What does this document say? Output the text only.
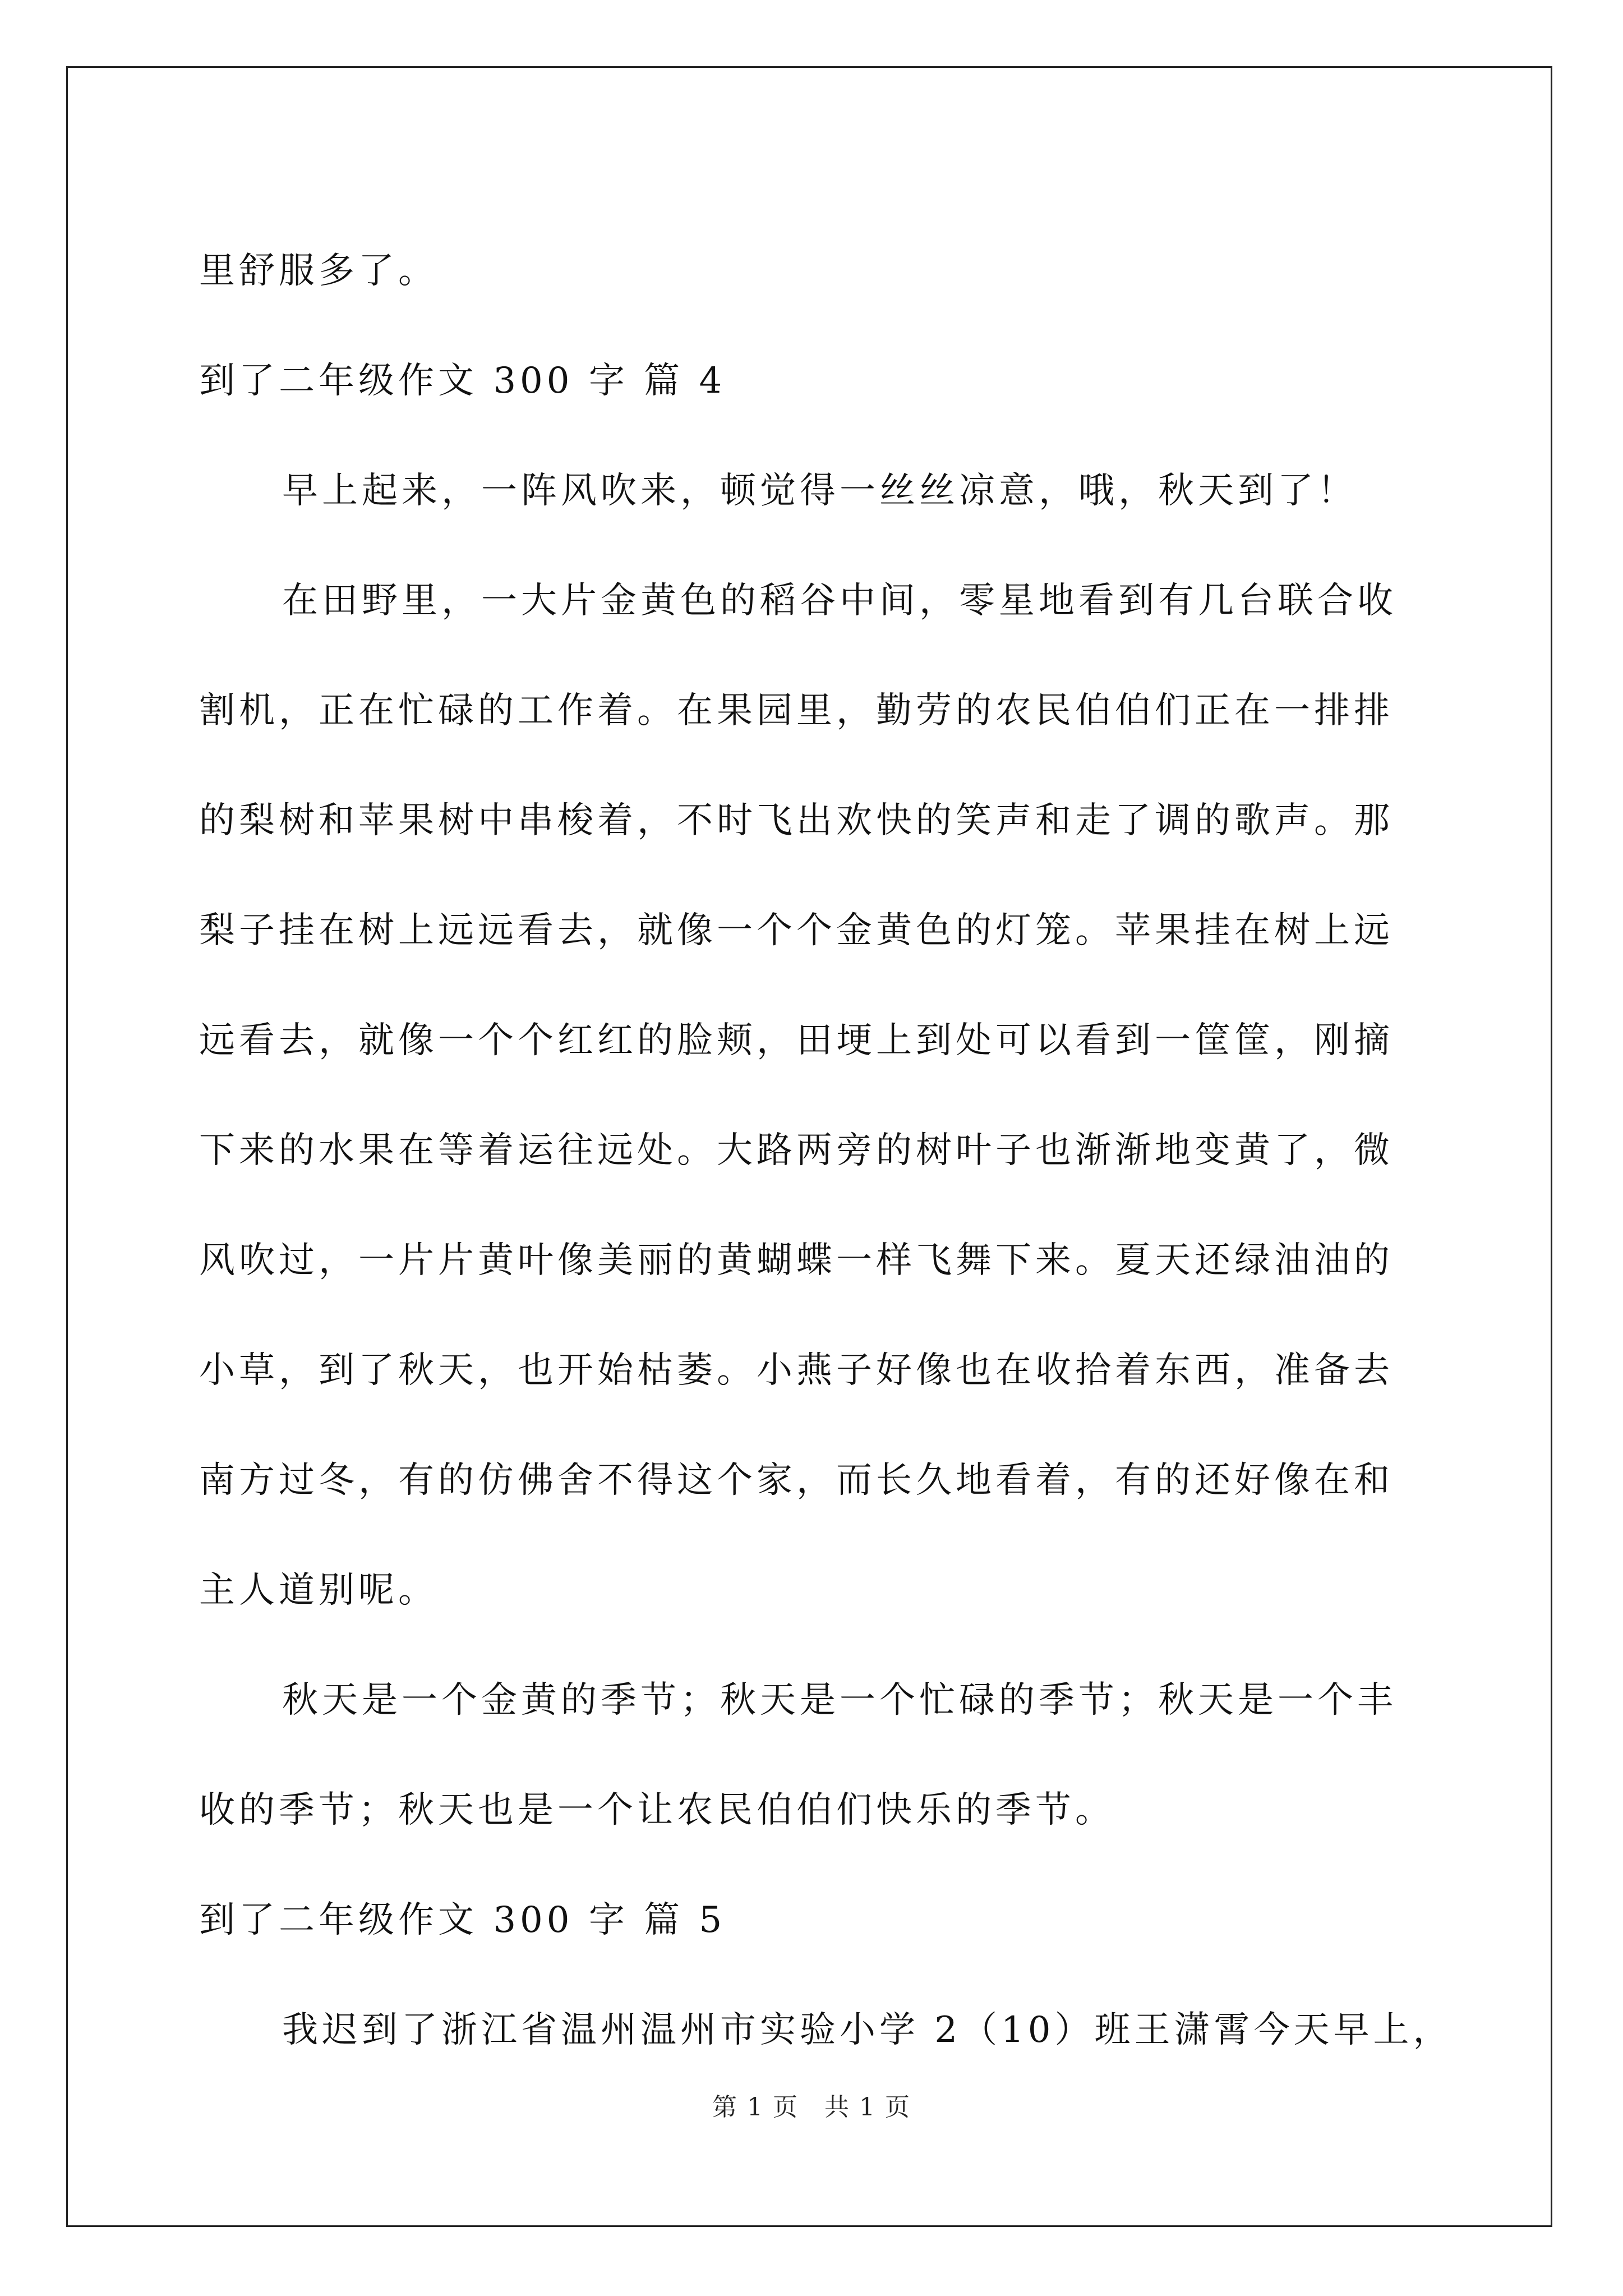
里舒服多了。
到了二年级作文 300 字 篇 4
早上起来，一阵风吹来，顿觉得一丝丝凉意，哦，秋天到了！
在田野里，一大片金黄色的稻谷中间，零星地看到有几台联合收
割机，正在忙碌的工作着。在果园里，勤劳的农民伯伯们正在一排排
的梨树和苹果树中串梭着，不时飞出欢快的笑声和走了调的歌声。那
梨子挂在树上远远看去，就像一个个金黄色的灯笼。苹果挂在树上远
远看去，就像一个个红红的脸颊，田埂上到处可以看到一筐筐，刚摘
下来的水果在等着运往远处。大路两旁的树叶子也渐渐地变黄了，微
风吹过，一片片黄叶像美丽的黄蝴蝶一样飞舞下来。夏天还绿油油的
小草，到了秋天，也开始枯萎。小燕子好像也在收拾着东西，准备去
南方过冬，有的仿佛舍不得这个家，而长久地看着，有的还好像在和
主人道别呢。
秋天是一个金黄的季节；秋天是一个忙碌的季节；秋天是一个丰
收的季节；秋天也是一个让农民伯伯们快乐的季节。
到了二年级作文 300 字 篇 5
我迟到了浙江省温州温州市实验小学 2（10）班王潇霄今天早上，
第 1 页　共 1 页
